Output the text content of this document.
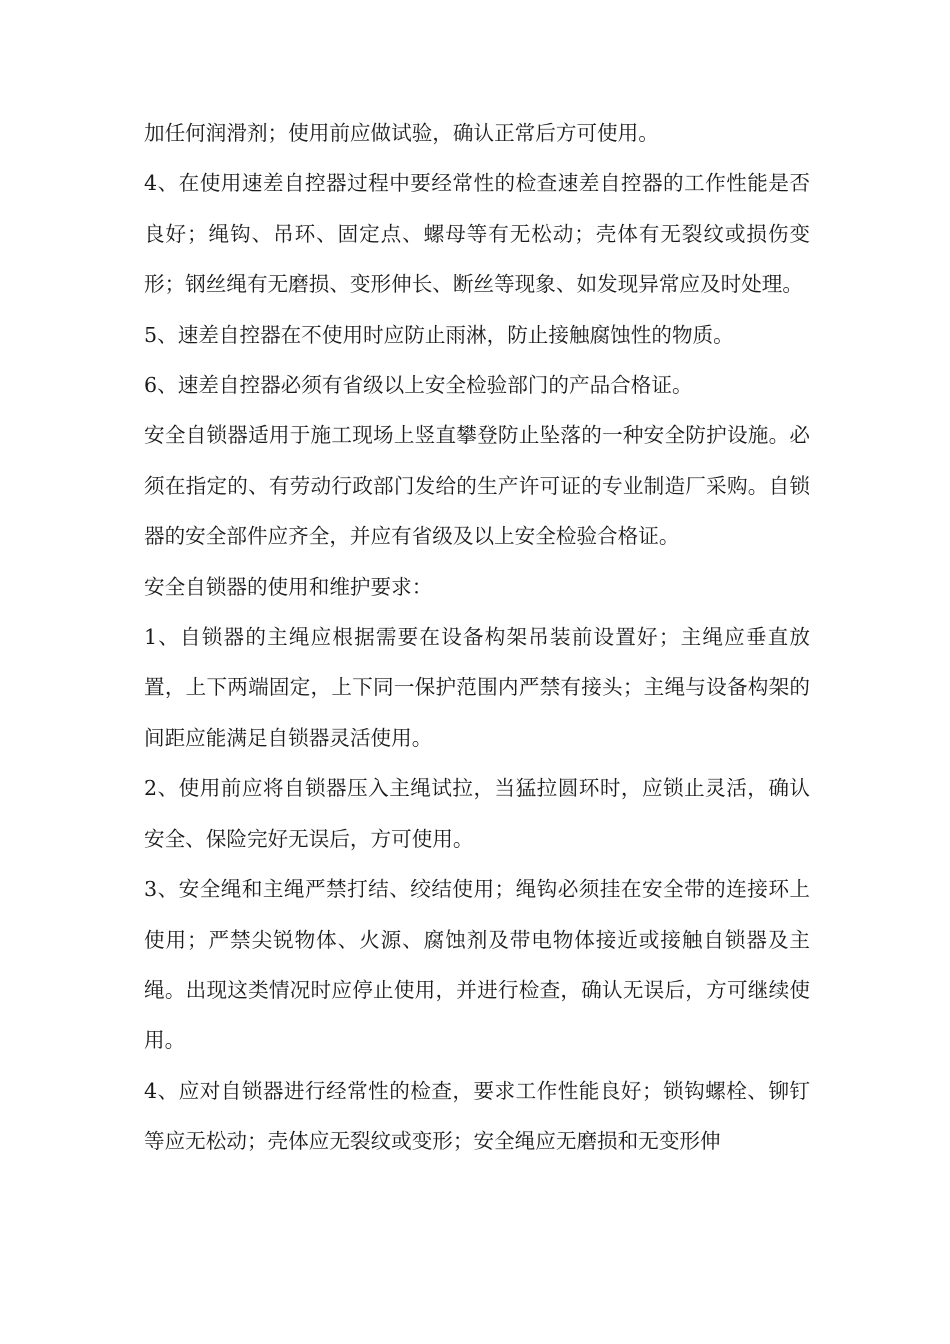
加任何润滑剂；使用前应做试验，确认正常后方可使用。

4、在使用速差自控器过程中要经常性的检查速差自控器的工作性能是否良好；绳钩、吊环、固定点、螺母等有无松动；壳体有无裂纹或损伤变形；钢丝绳有无磨损、变形伸长、断丝等现象、如发现异常应及时处理。

5、速差自控器在不使用时应防止雨淋，防止接触腐蚀性的物质。

6、速差自控器必须有省级以上安全检验部门的产品合格证。

安全自锁器适用于施工现场上竖直攀登防止坠落的一种安全防护设施。必须在指定的、有劳动行政部门发给的生产许可证的专业制造厂采购。自锁器的安全部件应齐全，并应有省级及以上安全检验合格证。

安全自锁器的使用和维护要求：

1、自锁器的主绳应根据需要在设备构架吊装前设置好；主绳应垂直放置，上下两端固定，上下同一保护范围内严禁有接头；主绳与设备构架的间距应能满足自锁器灵活使用。

2、使用前应将自锁器压入主绳试拉，当猛拉圆环时，应锁止灵活，确认安全、保险完好无误后，方可使用。

3、安全绳和主绳严禁打结、绞结使用；绳钩必须挂在安全带的连接环上使用；严禁尖锐物体、火源、腐蚀剂及带电物体接近或接触自锁器及主绳。出现这类情况时应停止使用，并进行检查，确认无误后，方可继续使用。

4、应对自锁器进行经常性的检查，要求工作性能良好；锁钩螺栓、铆钉等应无松动；壳体应无裂纹或变形；安全绳应无磨损和无变形伸
